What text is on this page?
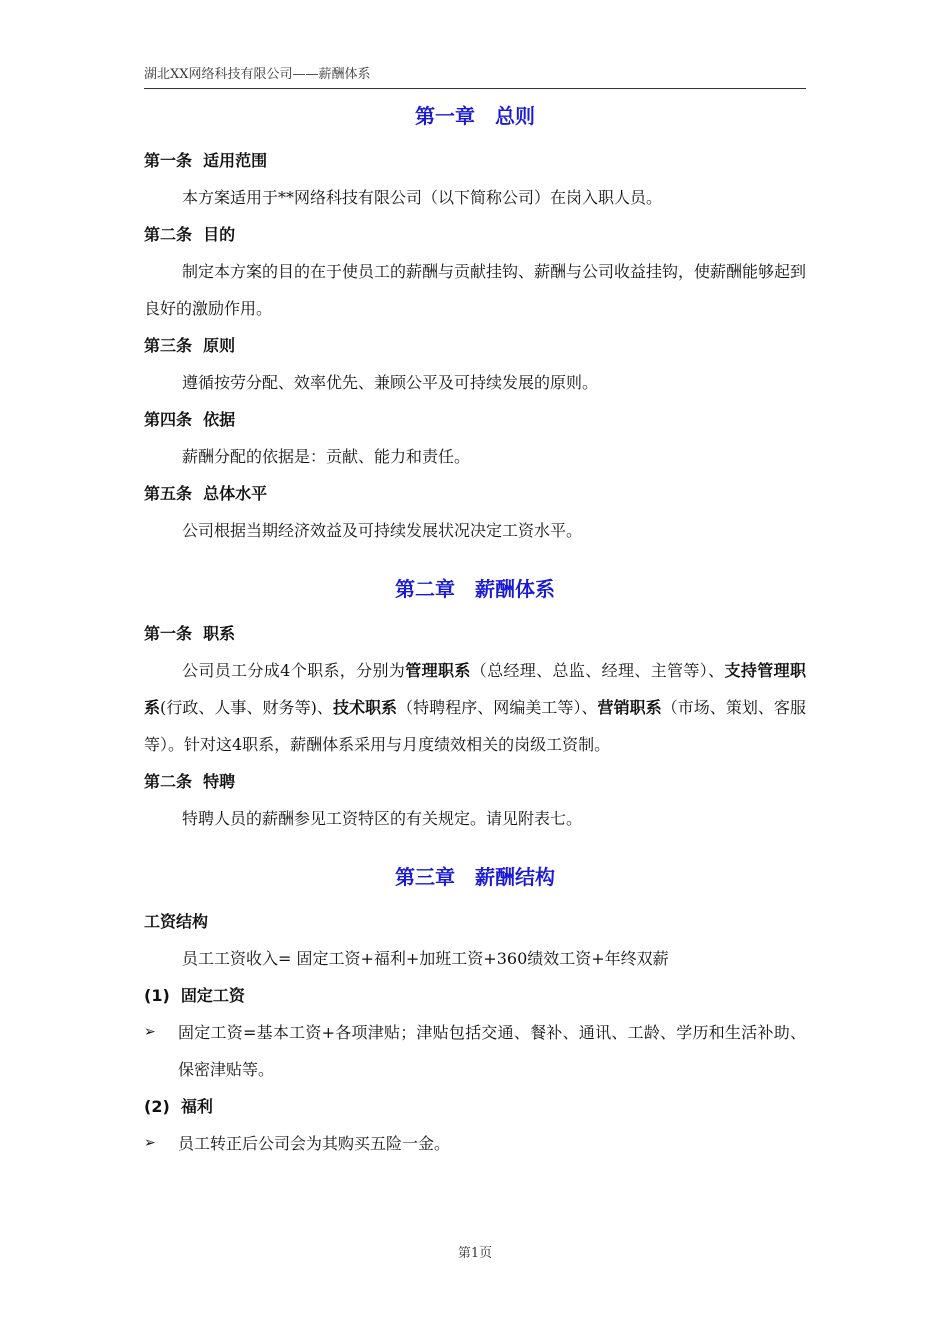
湖北XX网络科技有限公司——薪酬体系
第一章　总则

第一条  适用范围

本方案适用于**网络科技有限公司（以下简称公司）在岗入职人员。

第二条  目的

制定本方案的目的在于使员工的薪酬与贡献挂钩、薪酬与公司收益挂钩，使薪酬能够起到良好的激励作用。

第三条  原则

遵循按劳分配、效率优先、兼顾公平及可持续发展的原则。

第四条  依据

薪酬分配的依据是：贡献、能力和责任。

第五条  总体水平

公司根据当期经济效益及可持续发展状况决定工资水平。

第二章　薪酬体系

第一条  职系

公司员工分成4个职系，分别为管理职系（总经理、总监、经理、主管等）、支持管理职系(行政、人事、财务等)、技术职系（特聘程序、网编美工等）、营销职系（市场、策划、客服等）。针对这4职系，薪酬体系采用与月度绩效相关的岗级工资制。

第二条  特聘

特聘人员的薪酬参见工资特区的有关规定。请见附表七。

第三章　薪酬结构

工资结构

员工工资收入= 固定工资+福利+加班工资+360绩效工资+年终双薪

(1)  固定工资

➢ 固定工资=基本工资+各项津贴；津贴包括交通、餐补、通讯、工龄、学历和生活补助、保密津贴等。

(2)  福利

➢ 员工转正后公司会为其购买五险一金。

第1页
